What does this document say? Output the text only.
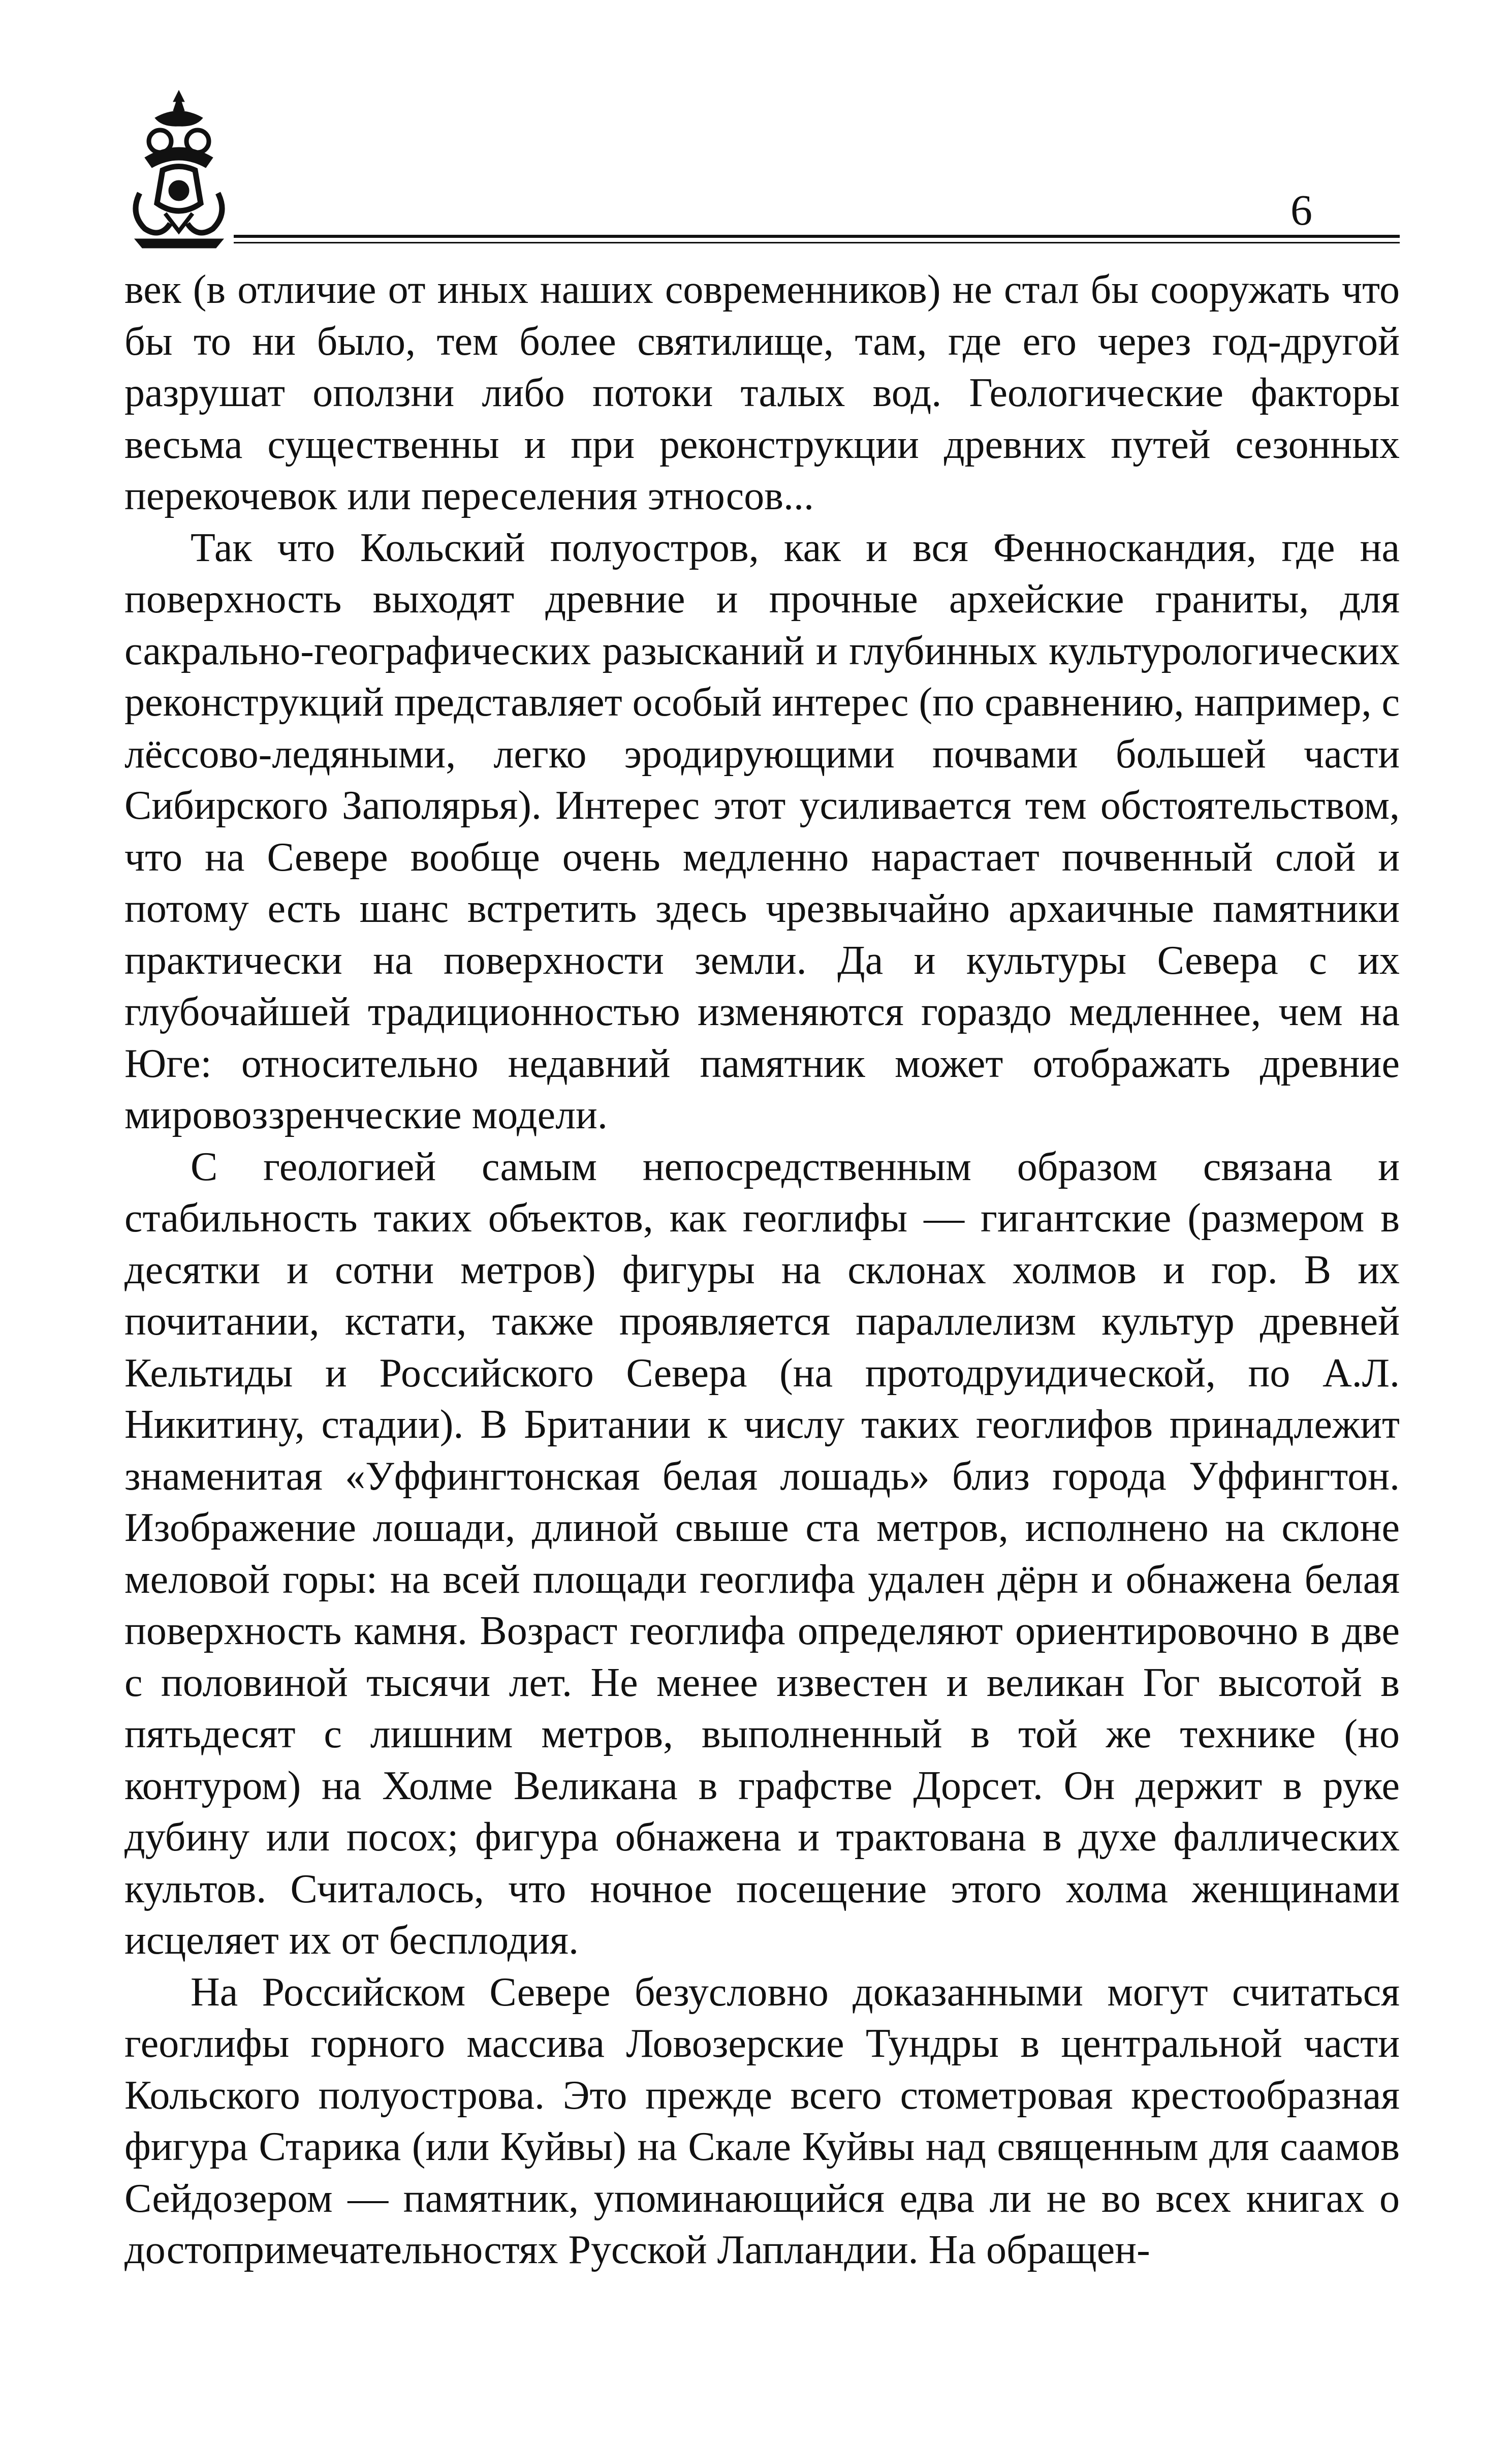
6

век (в отличие от иных наших современников) не стал бы сооружать что бы то ни было, тем более святилище, там, где его через год-другой разрушат оползни либо потоки талых вод. Геологические факторы весьма существенны и при реконструкции древних путей сезонных перекочевок или переселения этносов...

Так что Кольский полуостров, как и вся Фенноскандия, где на поверхность выходят древние и прочные архейские граниты, для сакрально-географических разысканий и глубинных культурологических реконструкций представляет особый интерес (по сравнению, например, с лёссово-ледяными, легко эродирующими почвами большей части Сибирского Заполярья). Интерес этот усиливается тем обстоятельством, что на Севере вообще очень медленно нарастает почвенный слой и потому есть шанс встретить здесь чрезвычайно архаичные памятники практически на поверхности земли. Да и культуры Севера с их глубочайшей традиционностью изменяются гораздо медленнее, чем на Юге: относительно недавний памятник может отображать древние мировоззренческие модели.

С геологией самым непосредственным образом связана и стабильность таких объектов, как геоглифы — гигантские (размером в десятки и сотни метров) фигуры на склонах холмов и гор. В их почитании, кстати, также проявляется параллелизм культур древней Кельтиды и Российского Севера (на протодруидической, по А.Л. Никитину, стадии). В Британии к числу таких геоглифов принадлежит знаменитая «Уффингтонская белая лошадь» близ города Уффингтон. Изображение лошади, длиной свыше ста метров, исполнено на склоне меловой горы: на всей площади геоглифа удален дёрн и обнажена белая поверхность камня. Возраст геоглифа определяют ориентировочно в две с половиной тысячи лет. Не менее известен и великан Гог высотой в пятьдесят с лишним метров, выполненный в той же технике (но контуром) на Холме Великана в графстве Дорсет. Он держит в руке дубину или посох; фигура обнажена и трактована в духе фаллических культов. Считалось, что ночное посещение этого холма женщинами исцеляет их от бесплодия.

На Российском Севере безусловно доказанными могут считаться геоглифы горного массива Ловозерские Тундры в центральной части Кольского полуострова. Это прежде всего стометровая крестообразная фигура Старика (или Куйвы) на Скале Куйвы над священным для саамов Сейдозером — памятник, упоминающийся едва ли не во всех книгах о достопримечательностях Русской Лапландии. На обращен-
